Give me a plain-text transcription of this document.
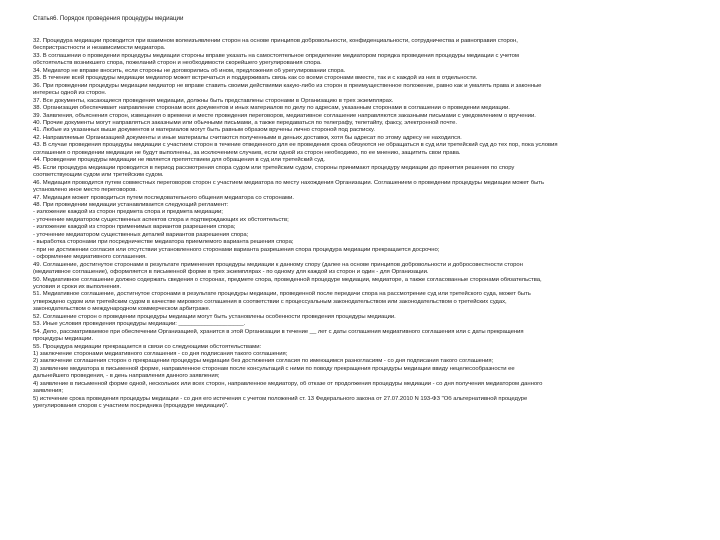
Статья6. Порядок проведения процедуры медиации
32. Процедура медиации проводится при взаимном волеизъявлении сторон на основе принципов добровольности, конфиденциальности, сотрудничества и равноправия сторон,
беспристрастности и независимости медиатора.
33. В соглашении о проведении процедуры медиации стороны вправе указать на самостоятельное определение медиатором порядка проведения процедуры медиации с учетом
обстоятельств возникшего спора, пожеланий сторон и необходимости скорейшего урегулирования спора.
34. Медиатор не вправе вносить, если стороны не договорились об ином, предложения об урегулировании спора.
35. В течение всей процедуры медиации медиатор может встречаться и поддерживать связь как со всеми сторонами вместе, так и с каждой из них в отдельности.
36. При проведении процедуры медиации медиатор не вправе ставить своими действиями какую-либо из сторон в преимущественное положение, равно как и умалять права и законные
интересы одной из сторон.
37. Все документы, касающиеся проведения медиации, должны быть представлены сторонами в Организацию в трех экземплярах.
38. Организация обеспечивает направление сторонам всех документов и иных материалов по делу по адресам, указанным сторонами в соглашении о проведении медиации.
39. Заявления, объяснения сторон, извещения о времени и месте проведения переговоров, медиативное соглашение направляются заказными письмами с уведомлением о вручении.
40. Прочие документы могут направляться заказными или обычными письмами, а также передаваться по телеграфу, телетайпу, факсу, электронной почте.
41. Любые из указанных выше документов и материалов могут быть равным образом вручены лично стороной под расписку.
42. Направляемые Организацией документы и иные материалы считаются полученными в деньих доставки, хотя бы адресат по этому адресу не находился.
43. В случае проведения процедуры медиации с участием сторон в течение отведенного для ее проведения срока обязуются не обращаться в суд или третейский суд до тех пор, пока условия
соглашения о проведении медиации не будут выполнены, за исключением случаев, если одной из сторон необходимо, по ее мнению, защитить свои права.
44. Проведение процедуры медиации не является препятствием для обращения в суд или третейский суд.
45. Если процедура медиации проводится в период рассмотрения спора судом или третейским судом, стороны принимают процедуру медиации до принятия решения по спору
соответствующим судом или третейским судом.
46. Медиация проводится путем совместных переговоров сторон с участием медиатора по месту нахождения Организации. Соглашением о проведении процедуры медиации может быть
установлено иное место переговоров.
47. Медиация может проводиться путем последовательного общения медиатора со сторонами.
48. При проведении медиации устанавливается следующий регламент:
- изложение каждой из сторон предмета спора и предмета медиации;
- уточнение медиатором существенных аспектов спора и подтверждающих их обстоятельств;
- изложение каждой из сторон применимых вариантов разрешения спора;
- уточнение медиатором существенных деталей вариантов разрешения спора;
- выработка сторонами при посредничестве медиатора приемлемого варианта решения спора;
- при не достижении согласия или отсутствии установленного сторонами варианта разрешения спора процедура медиации прекращается досрочно;
- оформление медиативного соглашения.
49. Соглашение, достигнутое сторонами в результате применения процедуры медиации к данному спору (далее на основе принципов добровольности и добросовестности сторон
(медиативное соглашение), оформляется в письменной форме в трех экземплярах - по одному для каждой из сторон и один - для Организации.
50. Медиативное соглашение должно содержать сведения о сторонах, предмете спора, проведенной процедуре медиации, медиаторе, а также согласованные сторонами обязательства,
условия и сроки их выполнения.
51. Медиативное соглашение, достигнутое сторонами в результате процедуры медиации, проведенной после передачи спора на рассмотрение суд или третейского суда, может быть
утверждено судом или третейским судом в качестве мирового соглашения в соответствии с процессуальным законодательством или законодательством о третейских судах,
законодательством о международном коммерческом арбитраже.
52. Соглашение сторон о проведении процедуры медиации могут быть установлены особенности проведения процедуры медиации.
53. Иные условия проведения процедуры медиации: ____________________.
54. Дело, рассматриваемое при обеспечении Организацией, хранится в этой Организации в течение __ лет с даты соглашения медиативного соглашения или с даты прекращения
процедуры медиации.
55. Процедура медиации прекращается в связи со следующими обстоятельствами:
1) заключение сторонами медиативного соглашения - со дня подписания такого соглашения;
2) заключение соглашения сторон о прекращении процедуры медиации без достижения согласия по имеющимся разногласиям - со дня подписания такого соглашения;
3) заявление медиатора в письменной форме, направленное сторонам после консультаций с ними по поводу прекращения процедуры медиации ввиду нецелесообразности ее
дальнейшего проведения, - в день направления данного заявления;
4) заявление в письменной форме одной, нескольких или всех сторон, направленное медиатору, об отказе от продолжения процедуры медиации - со дня получения медиатором данного
заявления;
5) истечение срока проведения процедуры медиации - со дня его истечения с учетом положений ст. 13 Федерального закона от 27.07.2010 N 193-ФЗ "Об альтернативной процедуре
урегулирования споров с участием посредника (процедуре медиации)".
